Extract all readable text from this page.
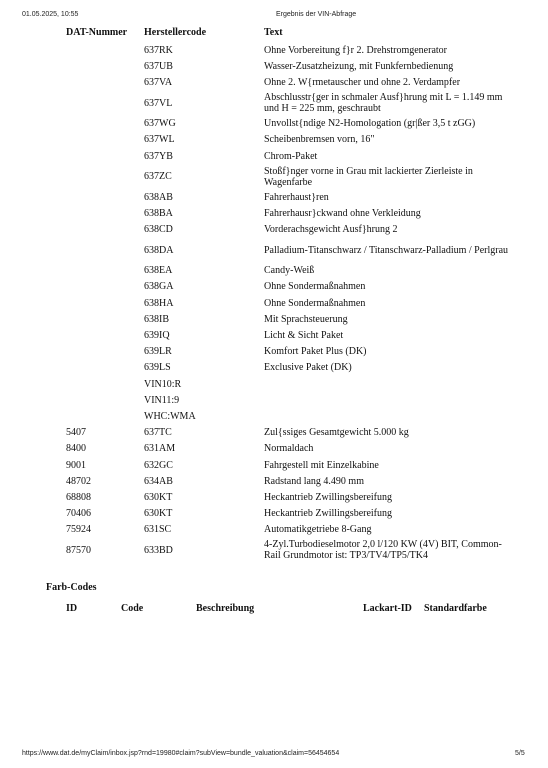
01.05.2025, 10:55	Ergebnis der VIN-Abfrage
DAT-Nummer	Herstellercode	Text
	637RK	Ohne Vorbereitung f}r 2. Drehstromgenerator
	637UB	Wasser-Zusatzheizung, mit Funkfernbedienung
	637VA	Ohne 2. W{rmetauscher und ohne 2. Verdampfer
	637VL	Abschlusstr{ger in schmaler Ausf}hrung mit L = 1.149 mm und H = 225 mm, geschraubt
	637WG	Unvollst{ndige N2-Homologation (gr|ßer 3,5 t zGG)
	637WL	Scheibenbremsen vorn, 16"
	637YB	Chrom-Paket
	637ZC	Stoßf}nger vorne in Grau mit lackierter Zierleiste in Wagenfarbe
	638AB	Fahrerhaust}ren
	638BA	Fahrerhausr}ckwand ohne Verkleidung
	638CD	Vorderachsgewicht Ausf}hrung 2
	638DA	Palladium-Titanschwarz / Titanschwarz-Palladium / Perlgrau
	638EA	Candy-Weiß
	638GA	Ohne Sondermaßnahmen
	638HA	Ohne Sondermaßnahmen
	638IB	Mit Sprachsteuerung
	639IQ	Licht & Sicht Paket
	639LR	Komfort Paket Plus (DK)
	639LS	Exclusive Paket (DK)
	VIN10:R	
	VIN11:9	
	WHC:WMA	
5407	637TC	Zul{ssiges Gesamtgewicht 5.000 kg
8400	631AM	Normaldach
9001	632GC	Fahrgestell mit Einzelkabine
48702	634AB	Radstand lang 4.490 mm
68808	630KT	Heckantrieb Zwillingsbereifung
70406	630KT	Heckantrieb Zwillingsbereifung
75924	631SC	Automatikgetriebe 8-Gang
87570	633BD	4-Zyl.Turbodieselmotor 2,0 l/120 KW (4V) BIT, Common-Rail Grundmotor ist: TP3/TV4/TP5/TK4
Farb-Codes
ID	Code	Beschreibung	Lackart-ID Standardfarbe
https://www.dat.de/myClaim/inbox.jsp?rnd=19980#claim?subView=bundle_valuation&claim=56454654	5/5
